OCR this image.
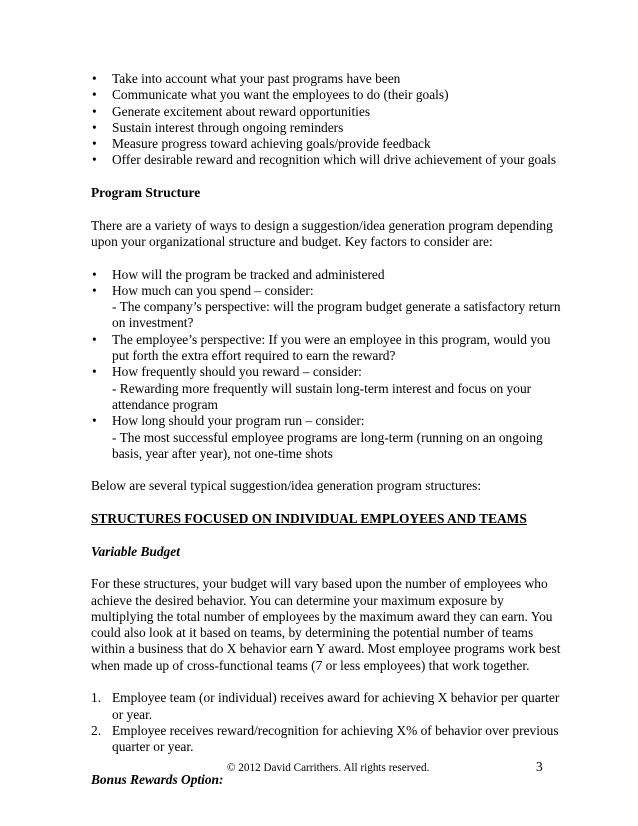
• Take into account what your past programs have been
• Communicate what you want the employees to do (their goals)
• Generate excitement about reward opportunities
• Sustain interest through ongoing reminders
• Measure progress toward achieving goals/provide feedback
• Offer desirable reward and recognition which will drive achievement of your goals
Program Structure
There are a variety of ways to design a suggestion/idea generation program depending upon your organizational structure and budget. Key factors to consider are:
• How will the program be tracked and administered
• How much can you spend – consider:
- The company’s perspective: will the program budget generate a satisfactory return on investment?
• The employee’s perspective: If you were an employee in this program, would you put forth the extra effort required to earn the reward?
• How frequently should you reward – consider:
- Rewarding more frequently will sustain long-term interest and focus on your attendance program
• How long should your program run – consider:
- The most successful employee programs are long-term (running on an ongoing basis, year after year), not one-time shots
Below are several typical suggestion/idea generation program structures:
STRUCTURES FOCUSED ON INDIVIDUAL EMPLOYEES AND TEAMS
Variable Budget
For these structures, your budget will vary based upon the number of employees who achieve the desired behavior. You can determine your maximum exposure by multiplying the total number of employees by the maximum award they can earn. You could also look at it based on teams, by determining the potential number of teams within a business that do X behavior earn Y award. Most employee programs work best when made up of cross-functional teams (7 or less employees) that work together.
1. Employee team (or individual) receives award for achieving X behavior per quarter or year.
2. Employee receives reward/recognition for achieving X% of behavior over previous quarter or year.
Bonus Rewards Option:
© 2012 David Carrithers. All rights reserved.	3
